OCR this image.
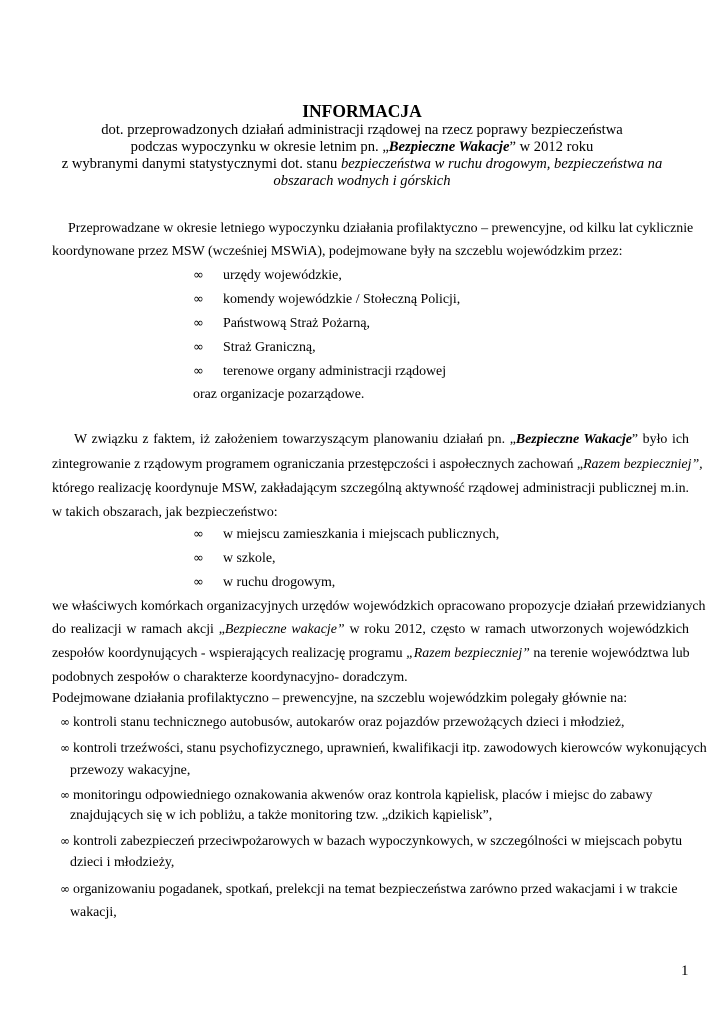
INFORMACJA
dot. przeprowadzonych działań administracji rządowej na rzecz poprawy bezpieczeństwa
podczas wypoczynku w okresie letnim pn. „Bezpieczne Wakacje” w 2012 roku
z wybranymi danymi statystycznymi dot. stanu bezpieczeństwa w ruchu drogowym, bezpieczeństwa na
obszarach wodnych i górskich
Przeprowadzane w okresie letniego wypoczynku działania profilaktyczno – prewencyjne, od kilku lat cyklicznie
koordynowane przez MSW (wcześniej MSWiA), podejmowane były na szczeblu wojewódzkim przez:
∞ urzędy wojewódzkie,
∞ komendy wojewódzkie / Stołeczną Policji,
∞ Państwową Straż Pożarną,
∞ Straż Graniczną,
∞ terenowe organy administracji rządowej
oraz organizacje pozarządowe.
W związku z faktem, iż założeniem towarzyszącym planowaniu działań pn. „Bezpieczne Wakacje” było ich
zintegrowanie z rządowym programem ograniczania przestępczości i aspołecznych zachowań „Razem bezpieczniej”,
którego realizację koordynuje MSW, zakładającym szczególną aktywność rządowej administracji publicznej m.in.
w takich obszarach, jak bezpieczeństwo:
∞ w miejscu zamieszkania i miejscach publicznych,
∞ w szkole,
∞ w ruchu drogowym,
we właściwych komórkach organizacyjnych urzędów wojewódzkich opracowano propozycje działań przewidzianych
do realizacji w ramach akcji „Bezpieczne wakacje” w roku 2012, często w ramach utworzonych wojewódzkich
zespołów koordynujących - wspierających realizację programu „Razem bezpieczniej” na terenie województwa lub
podobnych zespołów o charakterze koordynacyjno- doradczym.
Podejmowane działania profilaktyczno – prewencyjne, na szczeblu wojewódzkim polegały głównie na:
∞ kontroli stanu technicznego autobusów, autokarów oraz pojazdów przewożących dzieci i młodzież,
∞ kontroli trzeźwości, stanu psychofizycznego, uprawnień, kwalifikacji itp. zawodowych kierowców wykonujących
przewozy wakacyjne,
∞ monitoringu odpowiedniego oznakowania akwenów oraz kontrola kąpielisk, placów i miejsc do zabawy
znajdujących się w ich pobliżu, a także monitoring tzw. „dzikich kąpielisk”,
∞ kontroli zabezpieczeń przeciwpożarowych w bazach wypoczynkowych, w szczególności w miejscach pobytu
dzieci i młodzieży,
∞ organizowaniu pogadanek, spotkań, prelekcji na temat bezpieczeństwa zarówno przed wakacjami i w trakcie
wakacji,
1
